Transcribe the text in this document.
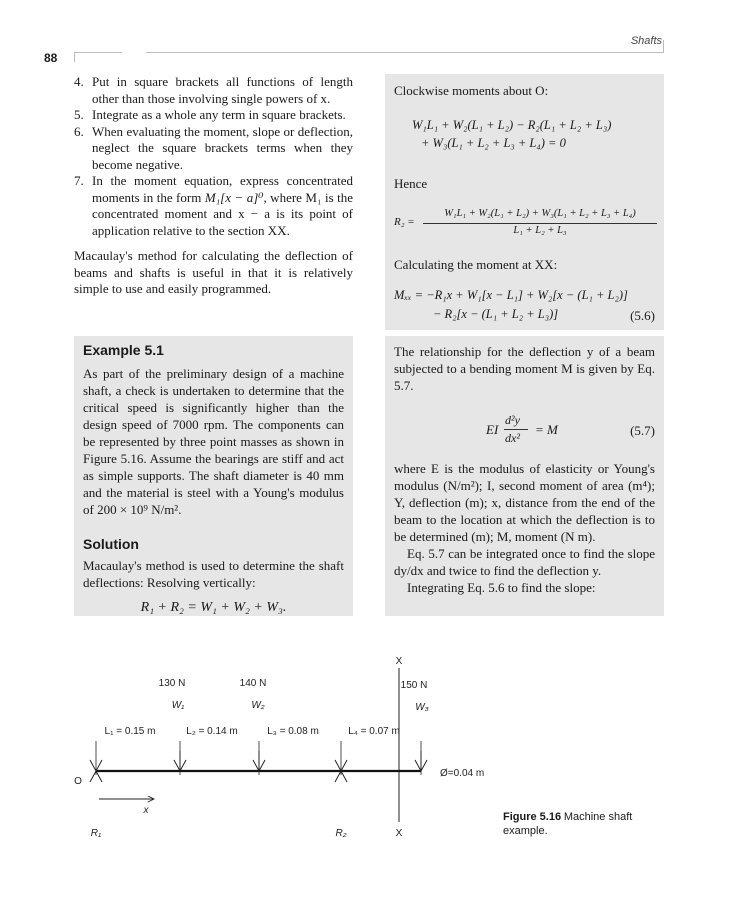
88
Shafts
4. Put in square brackets all functions of length other than those involving single powers of x.
5. Integrate as a whole any term in square brackets.
6. When evaluating the moment, slope or deflection, neglect the square brackets terms when they become negative.
7. In the moment equation, express concentrated moments in the form M₁[x − a]⁰, where M₁ is the concentrated moment and x − a is its point of application relative to the section XX.

Macaulay's method for calculating the deflection of beams and shafts is useful in that it is relatively simple to use and easily programmed.

Example 5.1

As part of the preliminary design of a machine shaft, a check is undertaken to determine that the critical speed is significantly higher than the design speed of 7000 rpm. The components can be represented by three point masses as shown in Figure 5.16. Assume the bearings are stiff and act as simple supports. The shaft diameter is 40 mm and the material is steel with a Young's modulus of 200 × 10⁹ N/m².

Solution

Macaulay's method is used to determine the shaft deflections: Resolving vertically:

R₁ + R₂ = W₁ + W₂ + W₃.
Clockwise moments about O:
W₁L₁ + W₂(L₁ + L₂) − R₂(L₁ + L₂ + L₃)
+ W₃(L₁ + L₂ + L₃ + L₄) = 0
Hence
R₂ =
W₁L₁ + W₂(L₁ + L₂) + W₃(L₁ + L₂ + L₃ + L₄)
L₁ + L₂ + L₃
Calculating the moment at XX:
Mₓₓ = −R₁x + W₁[x − L₁] + W₂[x − (L₁ + L₂)]
− R₂[x − (L₁ + L₂ + L₃)]	(5.6)

The relationship for the deflection y of a beam subjected to a bending moment M is given by Eq. 5.7.

EI
d²y
dx²
= M	(5.7)

where E is the modulus of elasticity or Young's modulus (N/m²); I, second moment of area (m⁴); Y, deflection (m); x, distance from the end of the beam to the location at which the deflection is to be determined (m); M, moment (N m).

Eq. 5.7 can be integrated once to find the slope dy/dx and twice to find the deflection y.

Integrating Eq. 5.6 to find the slope:

X
X
130 N	140 N	150 N
W₁	W₂	W₃
L₁ = 0.15 m	L₂ = 0.14 m	L₃ = 0.08 m	L₄ = 0.07 m
O
x
R₁	R₂
Ø=0.04 m
Figure 5.16 Machine shaft example.
